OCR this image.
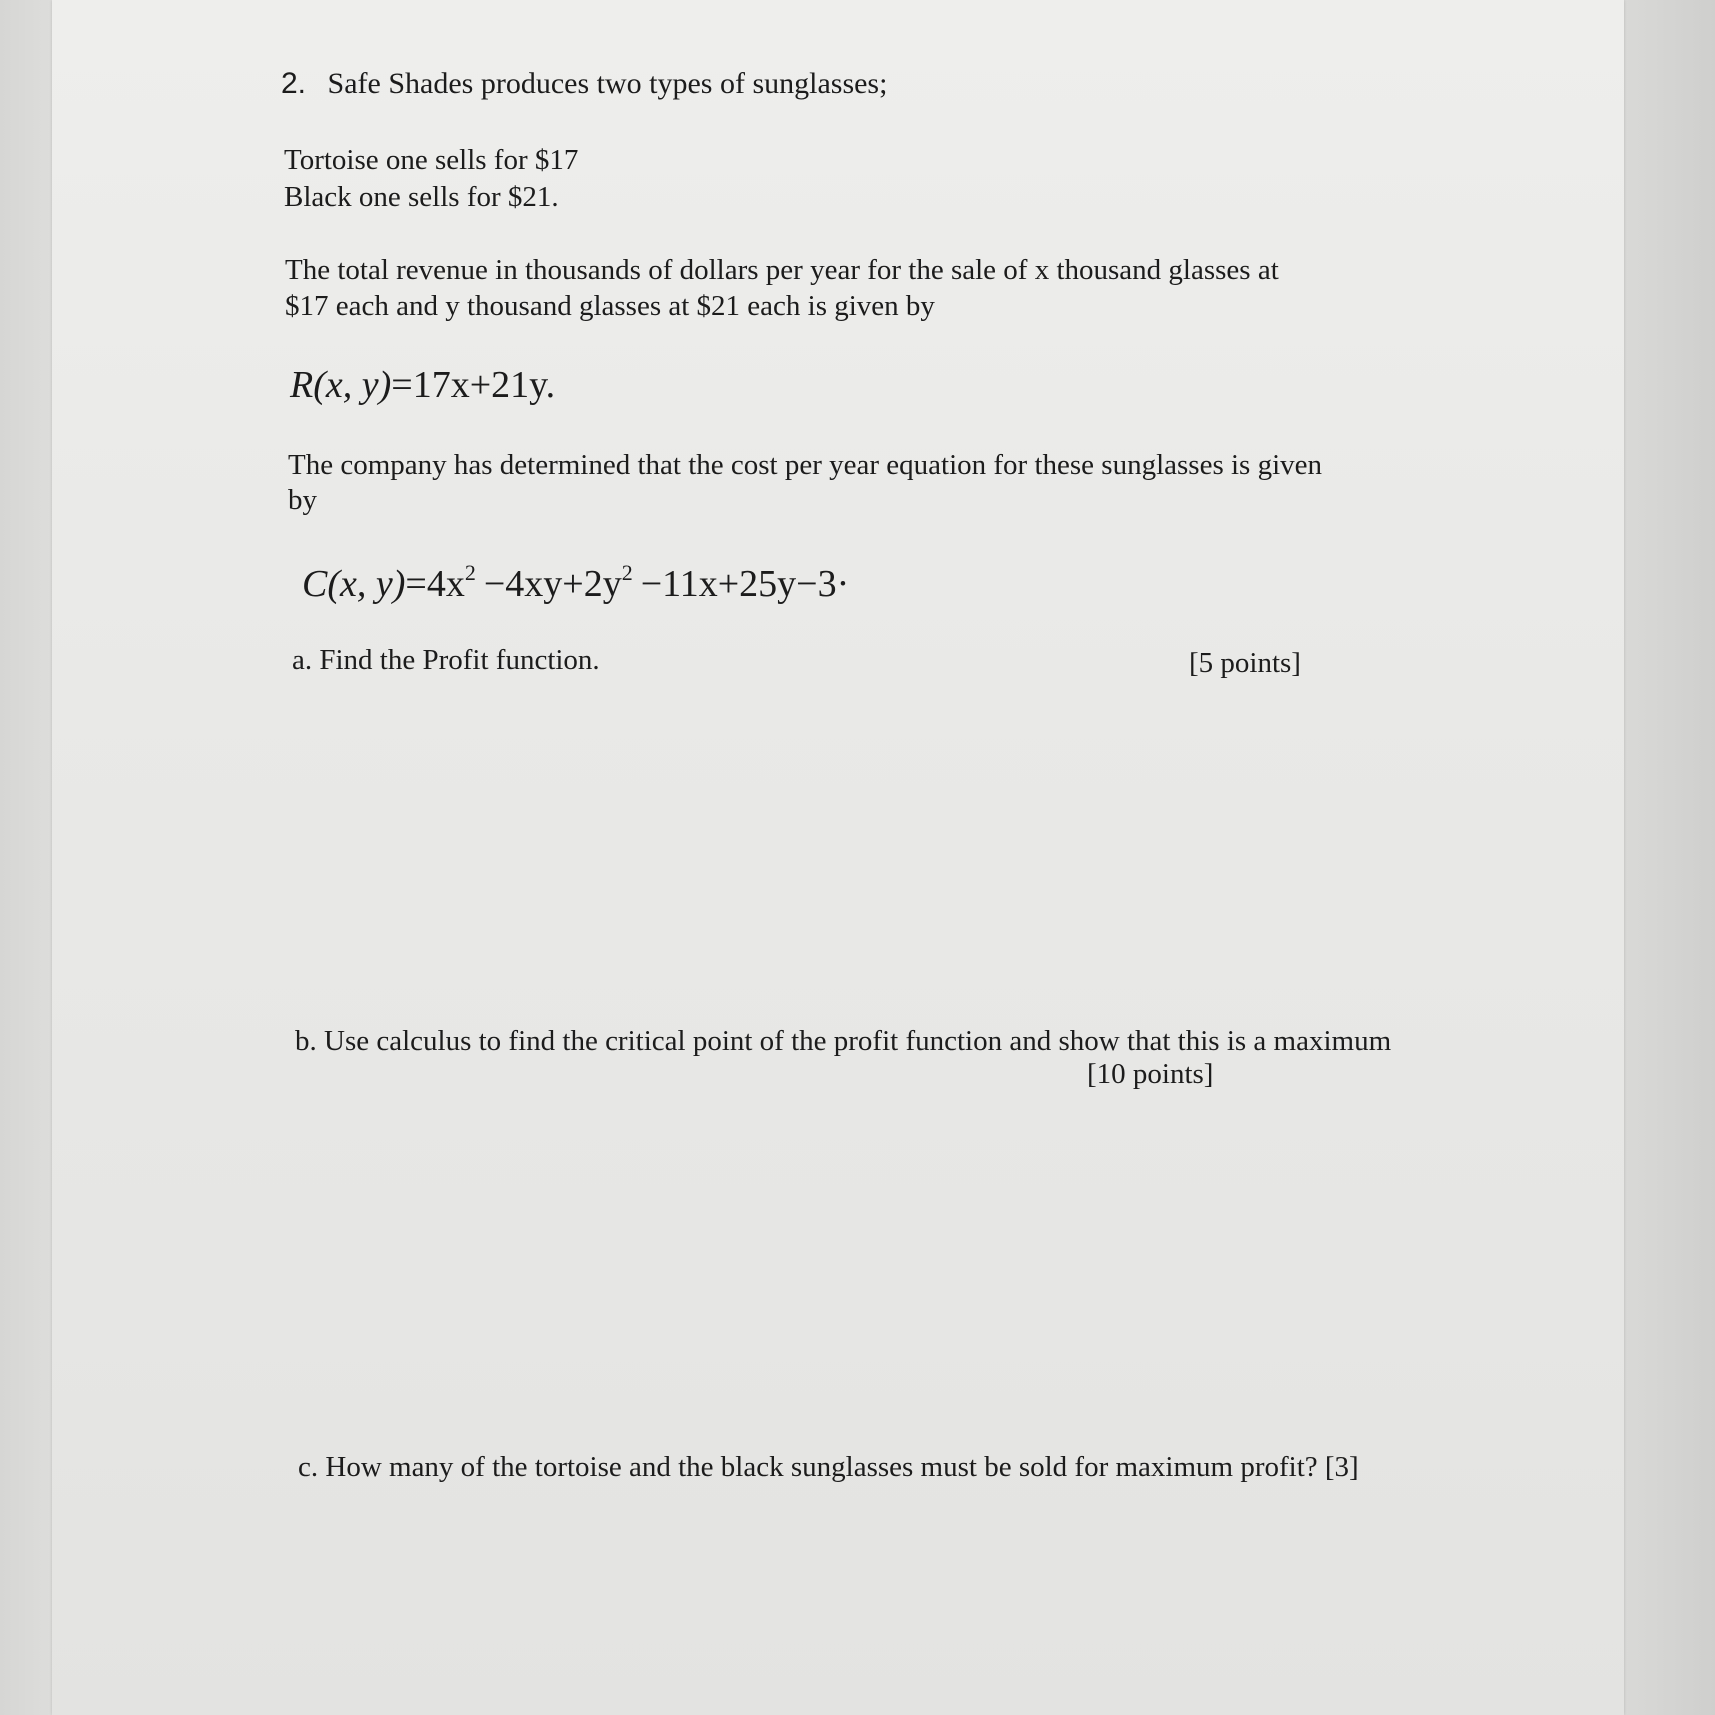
2. Safe Shades produces two types of sunglasses;
Tortoise one sells for $17
Black one sells for $21.
The total revenue in thousands of dollars per year for the sale of x thousand glasses at
$17 each and y thousand glasses at $21 each is given by
R(x, y)=17x+21y.
The company has determined that the cost per year equation for these sunglasses is given
by
C(x, $y)=4x^2 -4xy+2y^2 -11x+25y-3\cdot$
a. Find the Profit function.	[5 points]
b. Use calculus to find the critical point of the profit function and show that this is a maximum
[10 points]
c. How many of the tortoise and the black sunglasses must be sold for maximum profit? [3]
